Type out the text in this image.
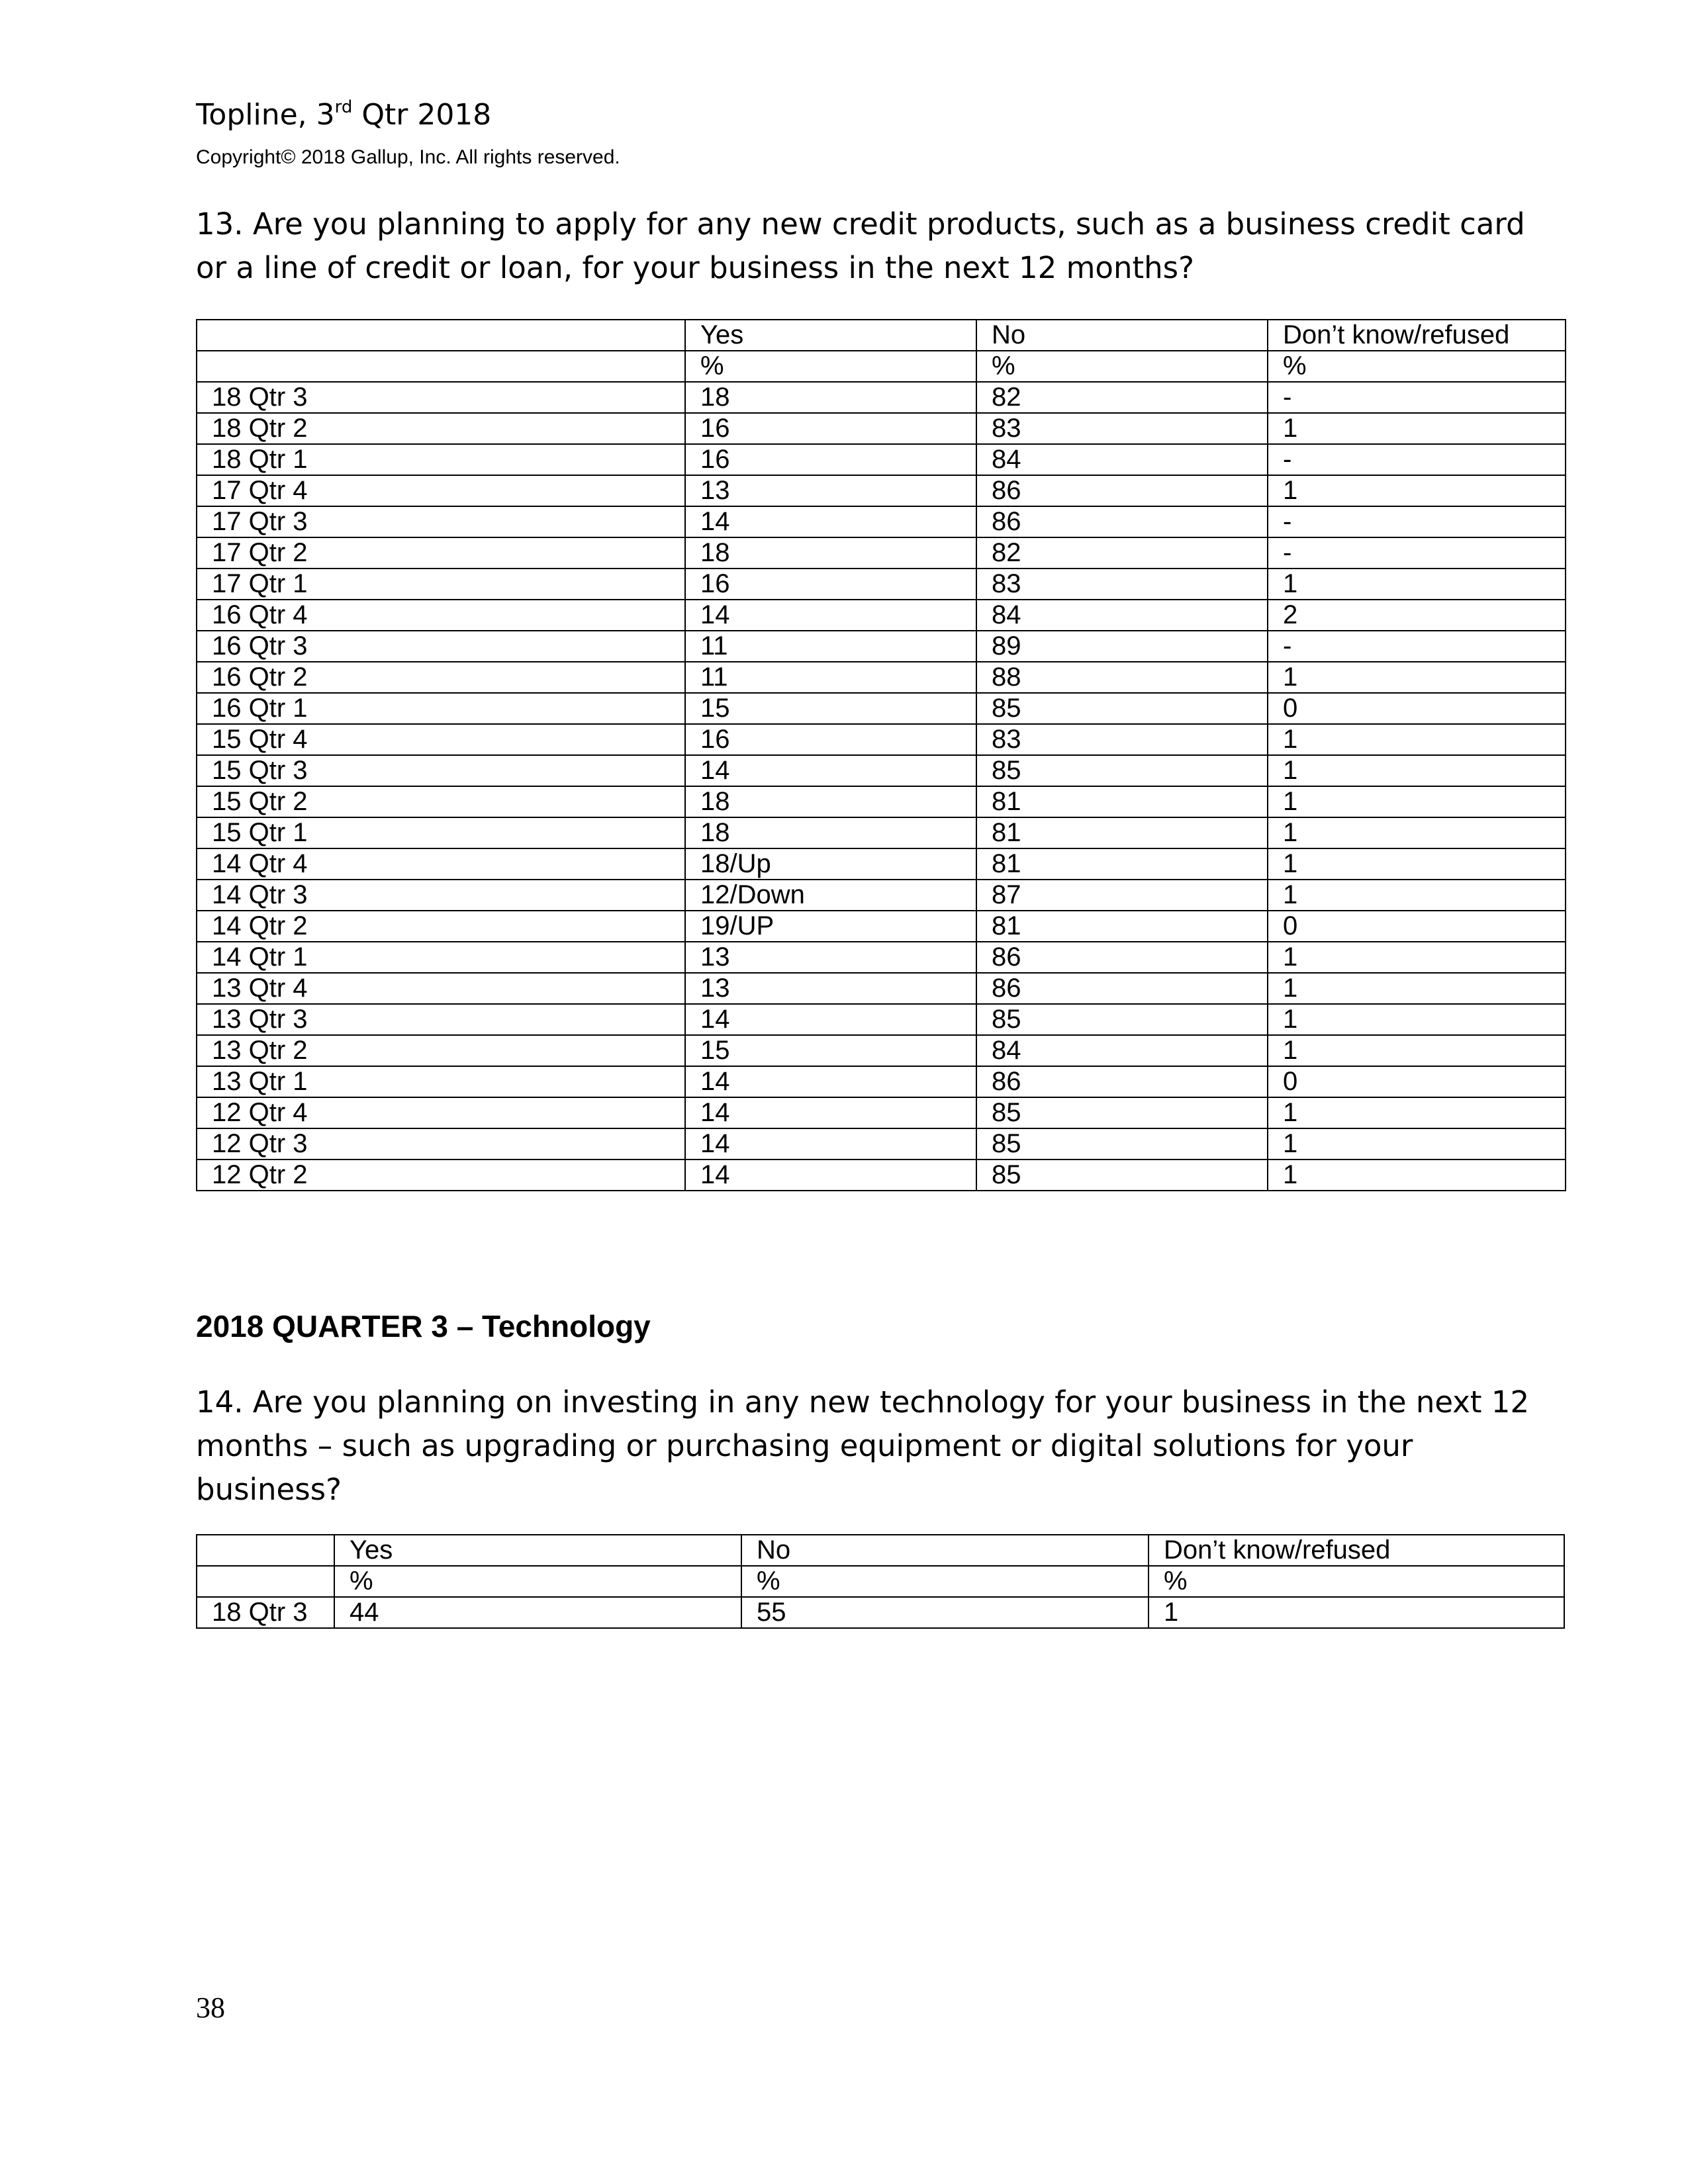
Topline, 3rd Qtr 2018
Copyright© 2018 Gallup, Inc. All rights reserved.

13. Are you planning to apply for any new credit products, such as a business credit card or a line of credit or loan, for your business in the next 12 months?

	Yes	No	Don’t know/refused
	%	%	%
18 Qtr 3	18	82	-
18 Qtr 2	16	83	1
18 Qtr 1	16	84	-
17 Qtr 4	13	86	1
17 Qtr 3	14	86	-
17 Qtr 2	18	82	-
17 Qtr 1	16	83	1
16 Qtr 4	14	84	2
16 Qtr 3	11	89	-
16 Qtr 2	11	88	1
16 Qtr 1	15	85	0
15 Qtr 4	16	83	1
15 Qtr 3	14	85	1
15 Qtr 2	18	81	1
15 Qtr 1	18	81	1
14 Qtr 4	18/Up	81	1
14 Qtr 3	12/Down	87	1
14 Qtr 2	19/UP	81	0
14 Qtr 1	13	86	1
13 Qtr 4	13	86	1
13 Qtr 3	14	85	1
13 Qtr 2	15	84	1
13 Qtr 1	14	86	0
12 Qtr 4	14	85	1
12 Qtr 3	14	85	1
12 Qtr 2	14	85	1
2018 QUARTER 3 – Technology

14. Are you planning on investing in any new technology for your business in the next 12 months – such as upgrading or purchasing equipment or digital solutions for your business?

	Yes	No	Don’t know/refused
	%	%	%
18 Qtr 3	44	55	1
38
